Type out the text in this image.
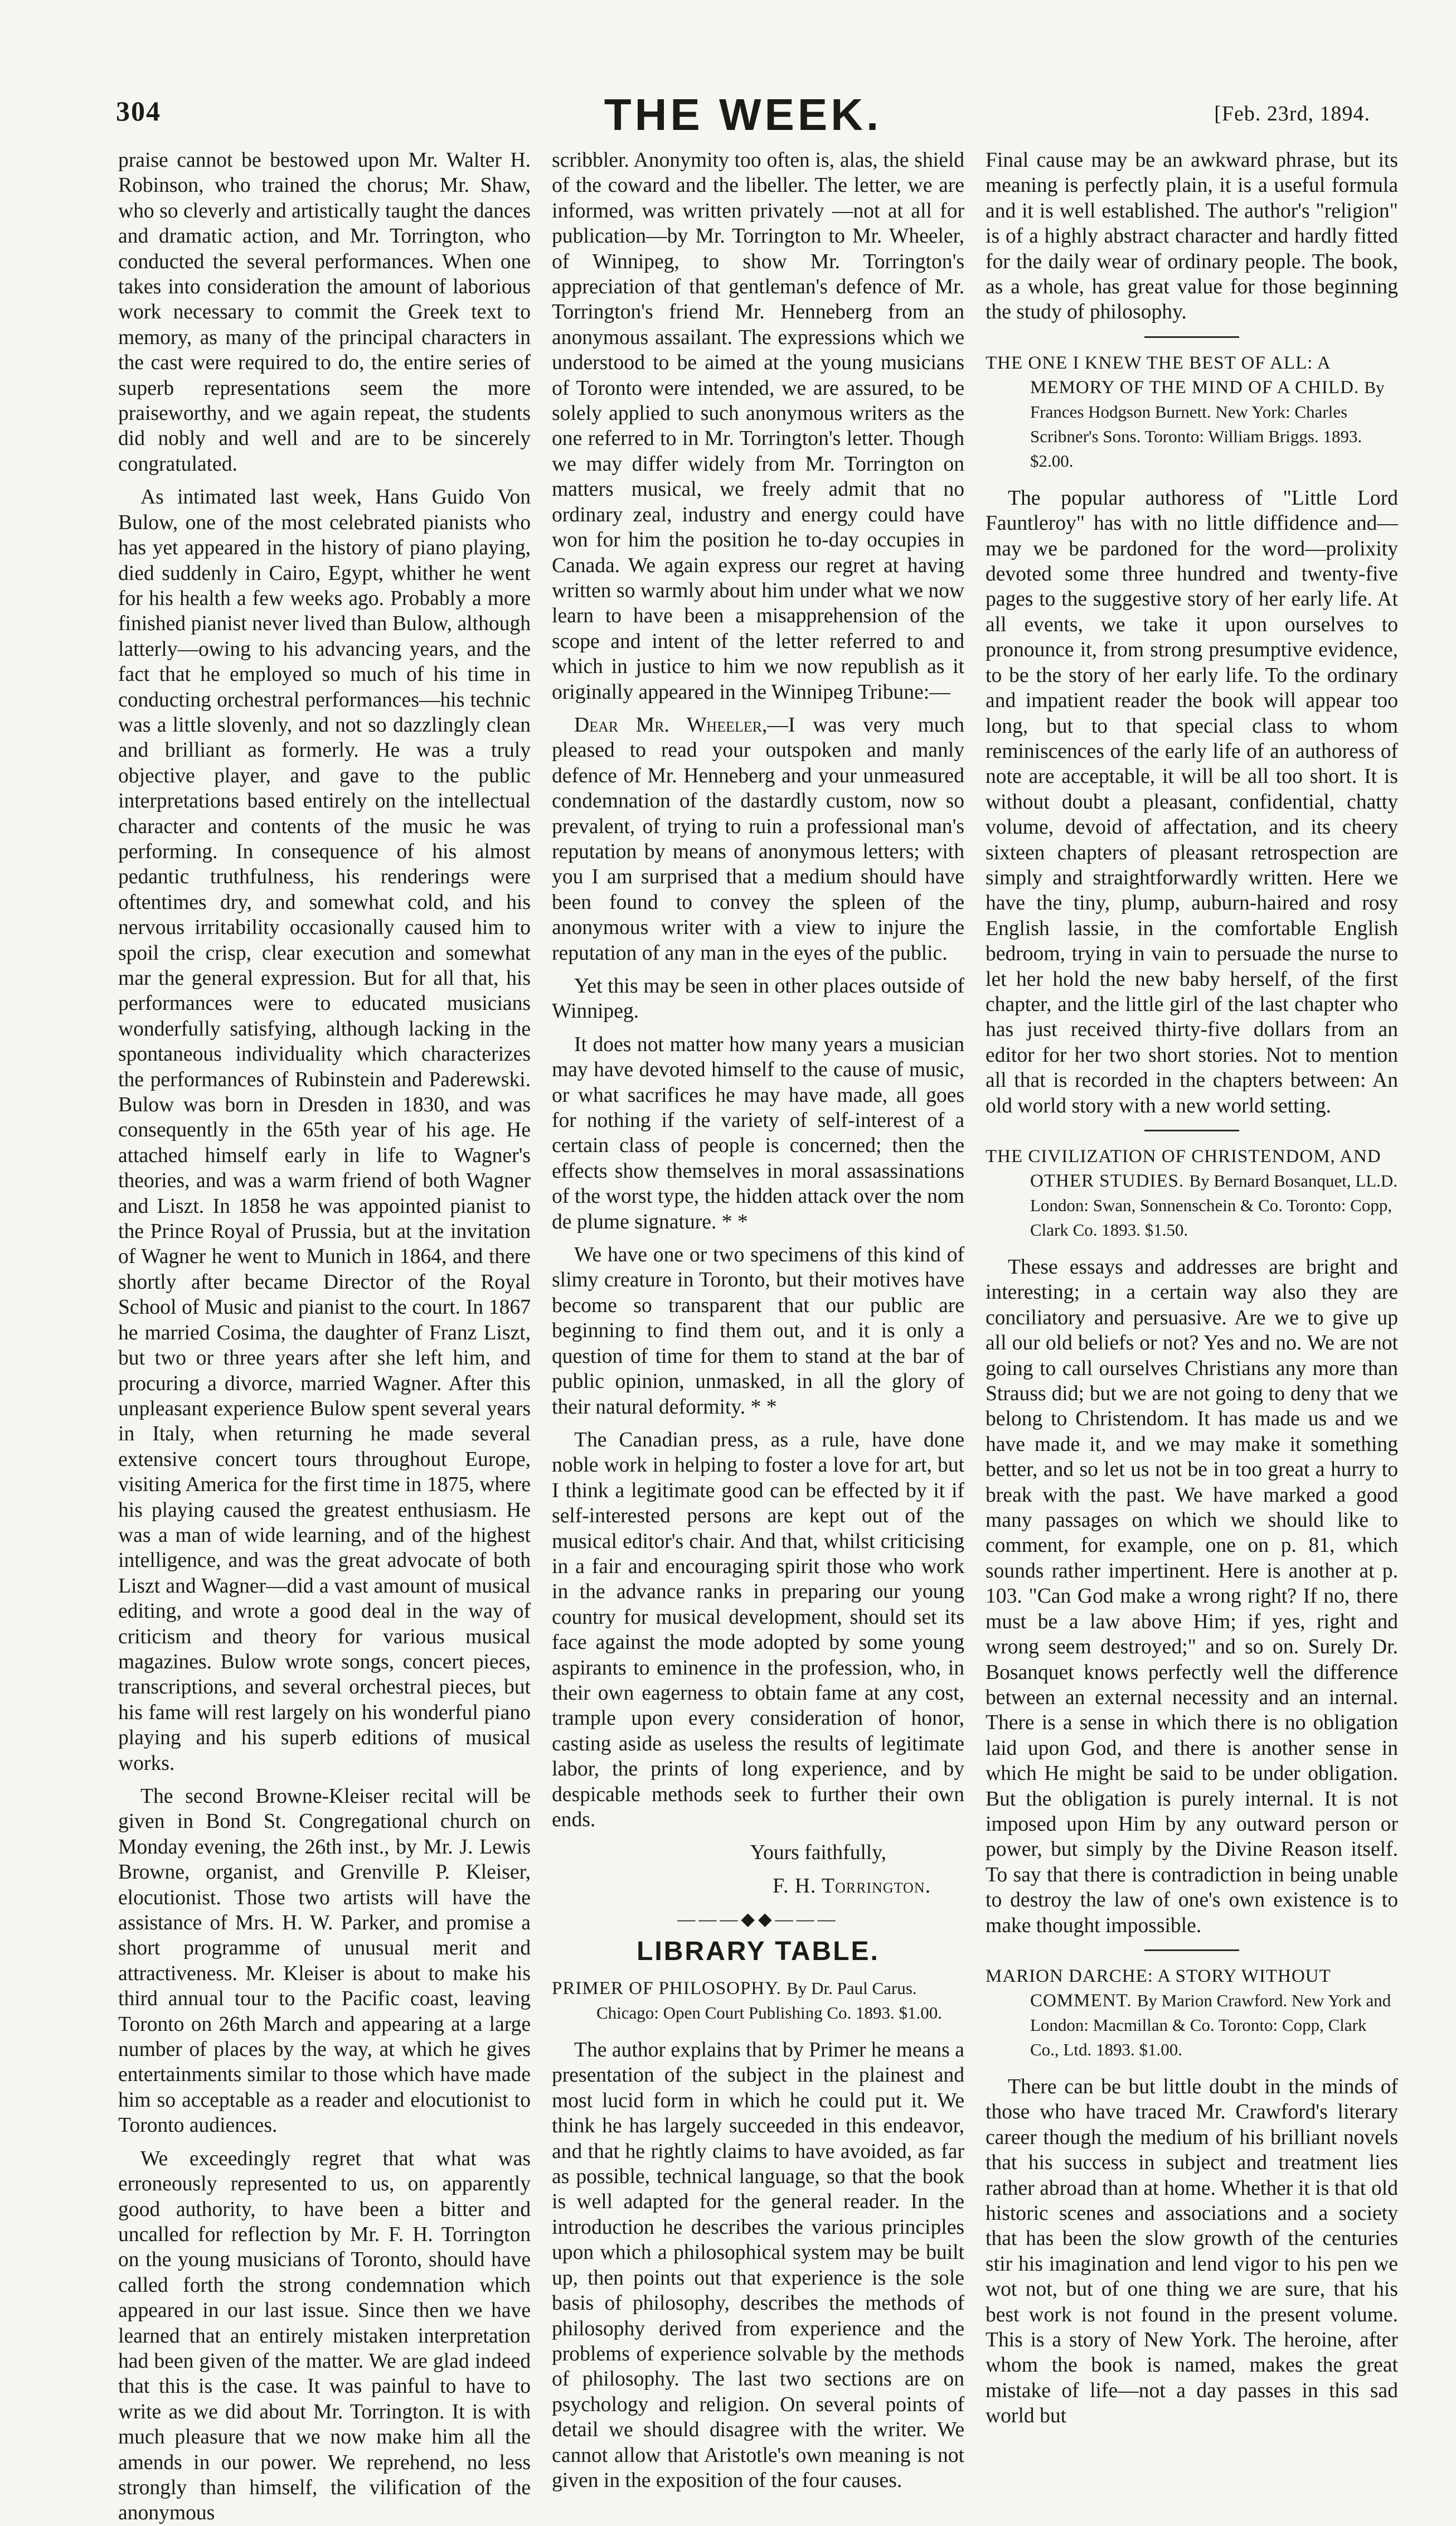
304	THE WEEK.	[Feb. 23rd, 1894.

praise cannot be bestowed upon Mr. Walter H. Robinson, who trained the chorus; Mr. Shaw, who so cleverly and artistically taught the dances and dramatic action, and Mr. Torrington, who conducted the several performances. When one takes into consideration the amount of laborious work necessary to commit the Greek text to memory, as many of the principal characters in the cast were required to do, the entire series of superb representations seem the more praiseworthy, and we again repeat, the students did nobly and well and are to be sincerely congratulated.

As intimated last week, Hans Guido Von Bulow, one of the most celebrated pianists who has yet appeared in the history of piano playing, died suddenly in Cairo, Egypt, whither he went for his health a few weeks ago. Probably a more finished pianist never lived than Bulow, although latterly—owing to his advancing years, and the fact that he employed so much of his time in conducting orchestral performances—his technic was a little slovenly, and not so dazzlingly clean and brilliant as formerly. He was a truly objective player, and gave to the public interpretations based entirely on the intellectual character and contents of the music he was performing. In consequence of his almost pedantic truthfulness, his renderings were oftentimes dry, and somewhat cold, and his nervous irritability occasionally caused him to spoil the crisp, clear execution and somewhat mar the general expression. But for all that, his performances were to educated musicians wonderfully satisfying, although lacking in the spontaneous individuality which characterizes the performances of Rubinstein and Paderewski. Bulow was born in Dresden in 1830, and was consequently in the 65th year of his age. He attached himself early in life to Wagner's theories, and was a warm friend of both Wagner and Liszt. In 1858 he was appointed pianist to the Prince Royal of Prussia, but at the invitation of Wagner he went to Munich in 1864, and there shortly after became Director of the Royal School of Music and pianist to the court. In 1867 he married Cosima, the daughter of Franz Liszt, but two or three years after she left him, and procuring a divorce, married Wagner. After this unpleasant experience Bulow spent several years in Italy, when returning he made several extensive concert tours throughout Europe, visiting America for the first time in 1875, where his playing caused the greatest enthusiasm. He was a man of wide learning, and of the highest intelligence, and was the great advocate of both Liszt and Wagner—did a vast amount of musical editing, and wrote a good deal in the way of criticism and theory for various musical magazines. Bulow wrote songs, concert pieces, transcriptions, and several orchestral pieces, but his fame will rest largely on his wonderful piano playing and his superb editions of musical works.

The second Browne-Kleiser recital will be given in Bond St. Congregational church on Monday evening, the 26th inst., by Mr. J. Lewis Browne, organist, and Grenville P. Kleiser, elocutionist. Those two artists will have the assistance of Mrs. H. W. Parker, and promise a short programme of unusual merit and attractiveness. Mr. Kleiser is about to make his third annual tour to the Pacific coast, leaving Toronto on 26th March and appearing at a large number of places by the way, at which he gives entertainments similar to those which have made him so acceptable as a reader and elocutionist to Toronto audiences.

We exceedingly regret that what was erroneously represented to us, on apparently good authority, to have been a bitter and uncalled for reflection by Mr. F. H. Torrington on the young musicians of Toronto, should have called forth the strong condemnation which appeared in our last issue. Since then we have learned that an entirely mistaken interpretation had been given of the matter. We are glad indeed that this is the case. It was painful to have to write as we did about Mr. Torrington. It is with much pleasure that we now make him all the amends in our power. We reprehend, no less strongly than himself, the vilification of the anonymous

scribbler. Anonymity too often is, alas, the shield of the coward and the libeller. The letter, we are informed, was written privately —not at all for publication—by Mr. Torrington to Mr. Wheeler, of Winnipeg, to show Mr. Torrington's appreciation of that gentleman's defence of Mr. Torrington's friend Mr. Henneberg from an anonymous assailant. The expressions which we understood to be aimed at the young musicians of Toronto were intended, we are assured, to be solely applied to such anonymous writers as the one referred to in Mr. Torrington's letter. Though we may differ widely from Mr. Torrington on matters musical, we freely admit that no ordinary zeal, industry and energy could have won for him the position he to-day occupies in Canada. We again express our regret at having written so warmly about him under what we now learn to have been a misapprehension of the scope and intent of the letter referred to and which in justice to him we now republish as it originally appeared in the Winnipeg Tribune:—

Dear Mr. Wheeler,—I was very much pleased to read your outspoken and manly defence of Mr. Henneberg and your unmeasured condemnation of the dastardly custom, now so prevalent, of trying to ruin a professional man's reputation by means of anonymous letters; with you I am surprised that a medium should have been found to convey the spleen of the anonymous writer with a view to injure the reputation of any man in the eyes of the public.

Yet this may be seen in other places outside of Winnipeg.

It does not matter how many years a musician may have devoted himself to the cause of music, or what sacrifices he may have made, all goes for nothing if the variety of self-interest of a certain class of people is concerned; then the effects show themselves in moral assassinations of the worst type, the hidden attack over the nom de plume signature. * *

We have one or two specimens of this kind of slimy creature in Toronto, but their motives have become so transparent that our public are beginning to find them out, and it is only a question of time for them to stand at the bar of public opinion, unmasked, in all the glory of their natural deformity. * *

The Canadian press, as a rule, have done noble work in helping to foster a love for art, but I think a legitimate good can be effected by it if self-interested persons are kept out of the musical editor's chair. And that, whilst criticising in a fair and encouraging spirit those who work in the advance ranks in preparing our young country for musical development, should set its face against the mode adopted by some young aspirants to eminence in the profession, who, in their own eagerness to obtain fame at any cost, trample upon every consideration of honor, casting aside as useless the results of legitimate labor, the prints of long experience, and by despicable methods seek to further their own ends.

Yours faithfully,

F. H. Torrington.

———◆◆———
LIBRARY TABLE.
PRIMER OF PHILOSOPHY. By Dr. Paul Carus. Chicago: Open Court Publishing Co. 1893. $1.00.

The author explains that by Primer he means a presentation of the subject in the plainest and most lucid form in which he could put it. We think he has largely succeeded in this endeavor, and that he rightly claims to have avoided, as far as possible, technical language, so that the book is well adapted for the general reader. In the introduction he describes the various principles upon which a philosophical system may be built up, then points out that experience is the sole basis of philosophy, describes the methods of philosophy derived from experience and the problems of experience solvable by the methods of philosophy. The last two sections are on psychology and religion. On several points of detail we should disagree with the writer. We cannot allow that Aristotle's own meaning is not given in the exposition of the four causes.

Final cause may be an awkward phrase, but its meaning is perfectly plain, it is a useful formula and it is well established. The author's "religion" is of a highly abstract character and hardly fitted for the daily wear of ordinary people. The book, as a whole, has great value for those beginning the study of philosophy.

THE ONE I KNEW THE BEST OF ALL: A MEMORY OF THE MIND OF A CHILD. By Frances Hodgson Burnett. New York: Charles Scribner's Sons. Toronto: William Briggs. 1893. $2.00.

The popular authoress of "Little Lord Fauntleroy" has with no little diffidence and—may we be pardoned for the word—prolixity devoted some three hundred and twenty-five pages to the suggestive story of her early life. At all events, we take it upon ourselves to pronounce it, from strong presumptive evidence, to be the story of her early life. To the ordinary and impatient reader the book will appear too long, but to that special class to whom reminiscences of the early life of an authoress of note are acceptable, it will be all too short. It is without doubt a pleasant, confidential, chatty volume, devoid of affectation, and its cheery sixteen chapters of pleasant retrospection are simply and straightforwardly written. Here we have the tiny, plump, auburn-haired and rosy English lassie, in the comfortable English bedroom, trying in vain to persuade the nurse to let her hold the new baby herself, of the first chapter, and the little girl of the last chapter who has just received thirty-five dollars from an editor for her two short stories. Not to mention all that is recorded in the chapters between: An old world story with a new world setting.

THE CIVILIZATION OF CHRISTENDOM, AND OTHER STUDIES. By Bernard Bosanquet, LL.D. London: Swan, Sonnenschein & Co. Toronto: Copp, Clark Co. 1893. $1.50.

These essays and addresses are bright and interesting; in a certain way also they are conciliatory and persuasive. Are we to give up all our old beliefs or not? Yes and no. We are not going to call ourselves Christians any more than Strauss did; but we are not going to deny that we belong to Christendom. It has made us and we have made it, and we may make it something better, and so let us not be in too great a hurry to break with the past. We have marked a good many passages on which we should like to comment, for example, one on p. 81, which sounds rather impertinent. Here is another at p. 103. "Can God make a wrong right? If no, there must be a law above Him; if yes, right and wrong seem destroyed;" and so on. Surely Dr. Bosanquet knows perfectly well the difference between an external necessity and an internal. There is a sense in which there is no obligation laid upon God, and there is another sense in which He might be said to be under obligation. But the obligation is purely internal. It is not imposed upon Him by any outward person or power, but simply by the Divine Reason itself. To say that there is contradiction in being unable to destroy the law of one's own existence is to make thought impossible.

MARION DARCHE: A STORY WITHOUT COMMENT. By Marion Crawford. New York and London: Macmillan & Co. Toronto: Copp, Clark Co., Ltd. 1893. $1.00.

There can be but little doubt in the minds of those who have traced Mr. Crawford's literary career though the medium of his brilliant novels that his success in subject and treatment lies rather abroad than at home. Whether it is that old historic scenes and associations and a society that has been the slow growth of the centuries stir his imagination and lend vigor to his pen we wot not, but of one thing we are sure, that his best work is not found in the present volume. This is a story of New York. The heroine, after whom the book is named, makes the great mistake of life—not a day passes in this sad world but
